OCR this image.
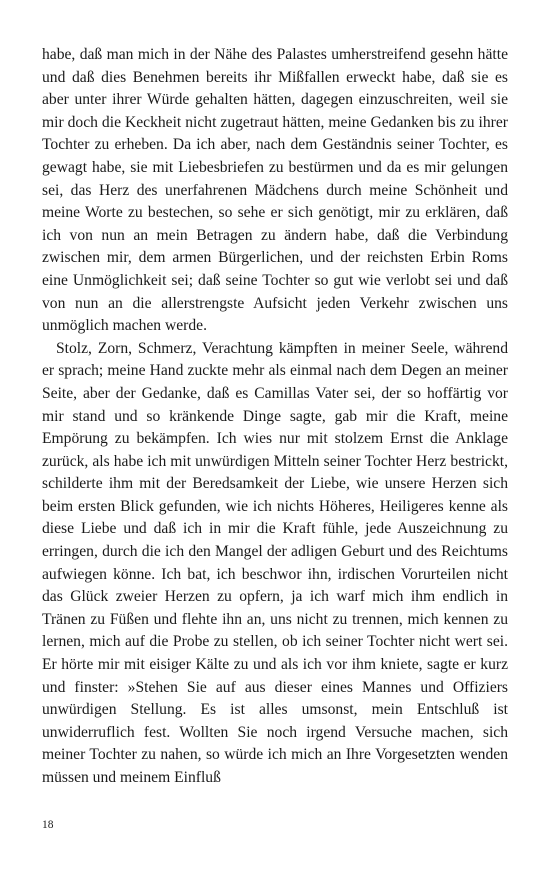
habe, daß man mich in der Nähe des Palastes umherstreifend gesehn hätte und daß dies Benehmen bereits ihr Mißfallen erweckt habe, daß sie es aber unter ihrer Würde gehalten hätten, dagegen einzuschreiten, weil sie mir doch die Keckheit nicht zugetraut hätten, meine Gedanken bis zu ihrer Tochter zu erheben. Da ich aber, nach dem Geständnis seiner Tochter, es gewagt habe, sie mit Liebesbriefen zu bestürmen und da es mir gelungen sei, das Herz des unerfahrenen Mädchens durch meine Schönheit und meine Worte zu bestechen, so sehe er sich genötigt, mir zu erklären, daß ich von nun an mein Betragen zu ändern habe, daß die Verbindung zwischen mir, dem armen Bürgerlichen, und der reichsten Erbin Roms eine Unmöglichkeit sei; daß seine Tochter so gut wie verlobt sei und daß von nun an die allerstrengste Aufsicht jeden Verkehr zwischen uns unmöglich machen werde.

Stolz, Zorn, Schmerz, Verachtung kämpften in meiner Seele, während er sprach; meine Hand zuckte mehr als einmal nach dem Degen an meiner Seite, aber der Gedanke, daß es Camillas Vater sei, der so hoffärtig vor mir stand und so kränkende Dinge sagte, gab mir die Kraft, meine Empörung zu bekämpfen. Ich wies nur mit stolzem Ernst die Anklage zurück, als habe ich mit unwürdigen Mitteln seiner Tochter Herz bestrickt, schilderte ihm mit der Beredsamkeit der Liebe, wie unsere Herzen sich beim ersten Blick gefunden, wie ich nichts Höheres, Heiligeres kenne als diese Liebe und daß ich in mir die Kraft fühle, jede Auszeichnung zu erringen, durch die ich den Mangel der adligen Geburt und des Reichtums aufwiegen könne. Ich bat, ich beschwor ihn, irdischen Vorurteilen nicht das Glück zweier Herzen zu opfern, ja ich warf mich ihm endlich in Tränen zu Füßen und flehte ihn an, uns nicht zu trennen, mich kennen zu lernen, mich auf die Probe zu stellen, ob ich seiner Tochter nicht wert sei. Er hörte mir mit eisiger Kälte zu und als ich vor ihm kniete, sagte er kurz und finster: »Stehen Sie auf aus dieser eines Mannes und Offiziers unwürdigen Stellung. Es ist alles umsonst, mein Entschluß ist unwiderruflich fest. Wollten Sie noch irgend Versuche machen, sich meiner Tochter zu nahen, so würde ich mich an Ihre Vorgesetzten wenden müssen und meinem Einfluß

18
